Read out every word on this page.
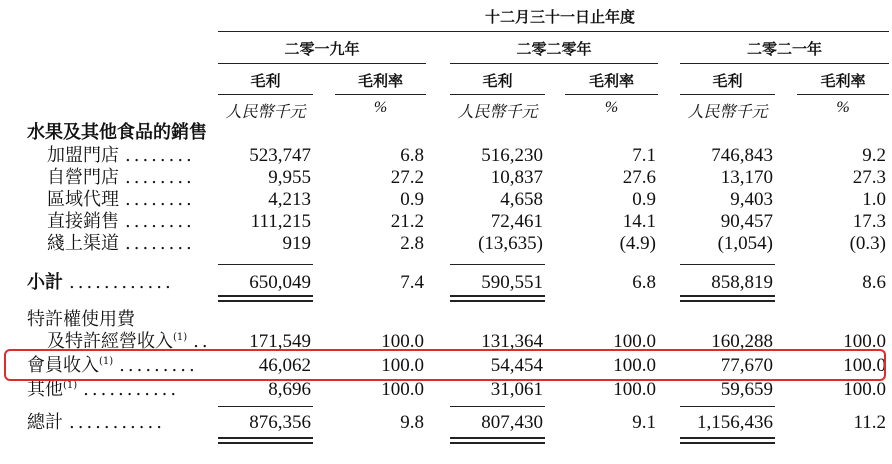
十二月三十一日止年度
二零一九年	二零二零年	二零二一年
毛利	毛利率	毛利	毛利率	毛利	毛利率
人民幣千元	%	人民幣千元	%	人民幣千元	%
水果及其他食品的銷售
加盟門店 ........	523,747	6.8	516,230	7.1	746,843	9.2
自營門店 ........	9,955	27.2	10,837	27.6	13,170	27.3
區域代理 ........	4,213	0.9	4,658	0.9	9,403	1.0
直接銷售 ........	111,215	21.2	72,461	14.1	90,457	17.3
綫上渠道 ........	919	2.8	(13,635)	(4.9)	(1,054)	(0.3)
小計 ............	650,049	7.4	590,551	6.8	858,819	8.6
特許權使用費
及特許經營收入$^{(1)}$ ..	171,549	100.0	131,364	100.0	160,288	100.0
會員收入$^{(1)}$ .........	46,062	100.0	54,454	100.0	77,670	100.0
其他$^{(1)}$ ...........	8,696	100.0	31,061	100.0	59,659	100.0
總計 ...........	876,356	9.8	807,430	9.1	1,156,436	11.2
